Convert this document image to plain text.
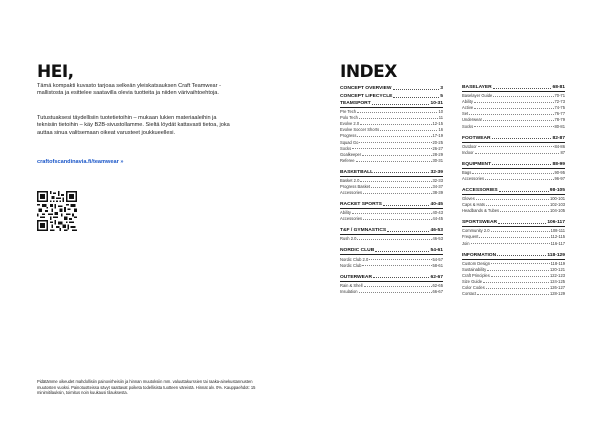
HEI,

Tämä kompakti kuvasto tarjoaa selkeän yleiskatsauksen Craft Teamwear -mallistosta ja esittelee saatavilla olevia tuotteita ja niiden värivaihtoehtoja.

Tutustuaksesi täydellisiin tuotetietoihin – mukaan lukien materiaaleihin ja teknisiin tietoihin – käy B2B-sivustollamme. Sieltä löydät kattavasti tietoa, joka auttaa sinua valitsemaan oikeat varusteet joukkueellesi.

craftofscandinavia.fi/teamwear »

Pidätämme oikeudet mahdollisiin painovirheisiin ja hinnan muutoksiin mm. valuuttakurssien tai raaka-ainekustannusten muutosten vuoksi. Painotuotteissa sävyt saattavat poiketa todellisista tuotteen väreistä. Hinnat alv. 0%. Kauppaehdot: 15 minimitilauksin, toimitus noin kuukausi tilauksesta.

INDEX
CONCEPT OVERVIEW	3
CONCEPT LIFECYCLE	5
TEAMSPORT	10-31
Pre Tech	10
Polo Tech	11
Evolve 2.0	12-15
Evolve Soccer Shorts	16
Progress	17-19
Squad Go	20-25
Socks	26-27
Goalkeeper	28-29
Referee	30-31
BASKETBALL	32-39
Basket 2.0	32-33
Progress Basket	34-37
Accessories	38-39
RACKET SPORTS	40-45
Ability	40-43
Accessories	44-45
T&F / GYMNASTICS	46-53
Rush 2.0	46-53
NORDIC CLUB	54-61
Nordic Club 2.0	54-57
Nordic Club	58-61
OUTERWEAR	62-67
Rain & Shell	62-65
Insulation	66-67
BASELAYER	68-81
Baselayer Guide	70-71
Ability	72-73
Active	74-75
Set	76-77
Underwear	78-79
Socks	80-81
FOOTWEAR	82-87
Outdoor	84-86
Indoor	87
EQUIPMENT	88-99
Bags	90-95
Accessories	96-97
ACCESSORIES	98-105
Gloves	100-101
Caps & Hats	102-103
Headbands & Tubes	104-105
SPORTSWEAR	106-117
Community 2.0	108-111
Frequent	112-115
Join	116-117
INFORMATION	118-129
Custom Design	118-119
Sustainability	120-121
Craft Principles	122-123
Size Guide	124-125
Color Codes	126-127
Contact	128-129
